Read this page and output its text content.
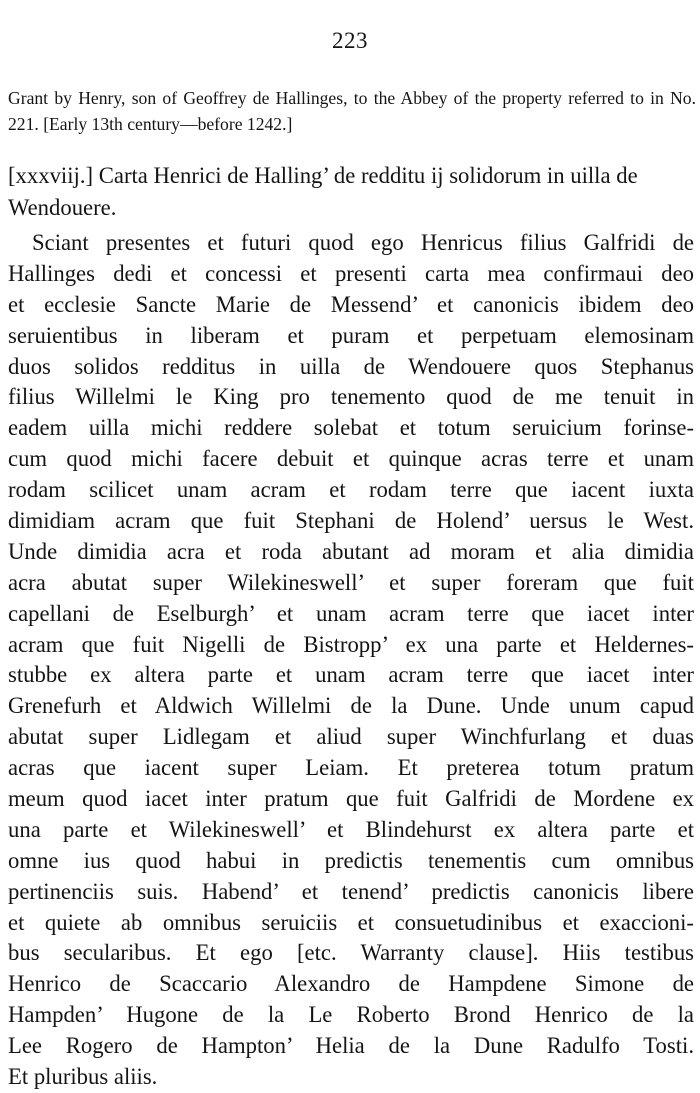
223

Grant by Henry, son of Geoffrey de Hallinges, to the Abbey of the property referred to in No. 221. [Early 13th century—before 1242.]

[xxxviij.] Carta Henrici de Halling’ de redditu ij solidorum in uilla de Wendouere.

Sciant presentes et futuri quod ego Henricus filius Galfridi de
Hallinges dedi et concessi et presenti carta mea confirmaui deo
et ecclesie Sancte Marie de Messend’ et canonicis ibidem deo
seruientibus in liberam et puram et perpetuam elemosinam
duos solidos redditus in uilla de Wendouere quos Stephanus
filius Willelmi le King pro tenemento quod de me tenuit in
eadem uilla michi reddere solebat et totum seruicium forinse-
cum quod michi facere debuit et quinque acras terre et unam
rodam scilicet unam acram et rodam terre que iacent iuxta
dimidiam acram que fuit Stephani de Holend’ uersus le West.
Unde dimidia acra et roda abutant ad moram et alia dimidia
acra abutat super Wilekineswell’ et super foreram que fuit
capellani de Eselburgh’ et unam acram terre que iacet inter
acram que fuit Nigelli de Bistropp’ ex una parte et Heldernes-
stubbe ex altera parte et unam acram terre que iacet inter
Grenefurh et Aldwich Willelmi de la Dune. Unde unum capud
abutat super Lidlegam et aliud super Winchfurlang et duas
acras que iacent super Leiam. Et preterea totum pratum
meum quod iacet inter pratum que fuit Galfridi de Mordene ex
una parte et Wilekineswell’ et Blindehurst ex altera parte et
omne ius quod habui in predictis tenementis cum omnibus
pertinenciis suis. Habend’ et tenend’ predictis canonicis libere
et quiete ab omnibus seruiciis et consuetudinibus et exaccioni-
bus secularibus. Et ego [etc. Warranty clause]. Hiis testibus
Henrico de Scaccario Alexandro de Hampdene Simone de
Hampden’ Hugone de la Le Roberto Brond Henrico de la
Lee Rogero de Hampton’ Helia de la Dune Radulfo Tosti.
Et pluribus aliis.
